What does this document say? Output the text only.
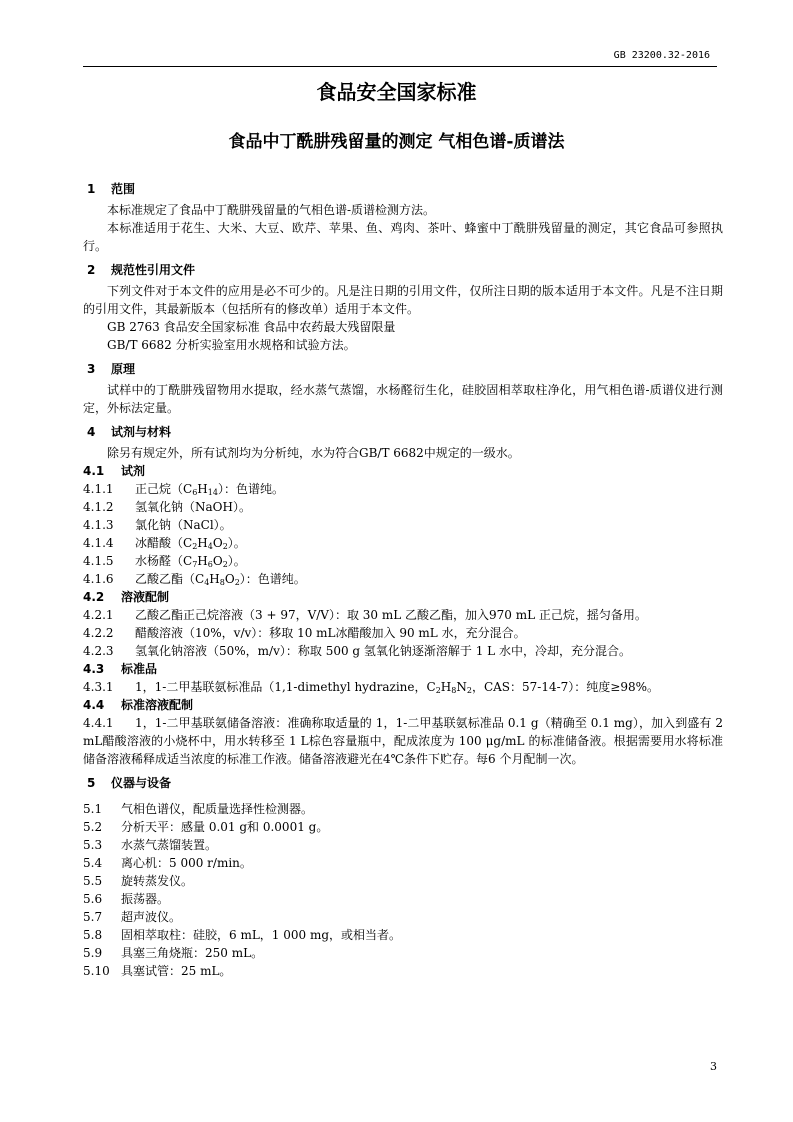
GB 23200.32-2016
食品安全国家标准
食品中丁酰肼残留量的测定 气相色谱-质谱法
1 范围

本标准规定了食品中丁酰肼残留量的气相色谱-质谱检测方法。

本标准适用于花生、大米、大豆、欧芹、苹果、鱼、鸡肉、茶叶、蜂蜜中丁酰肼残留量的测定，其它食品可参照执行。

2 规范性引用文件

下列文件对于本文件的应用是必不可少的。凡是注日期的引用文件，仅所注日期的版本适用于本文件。凡是不注日期的引用文件，其最新版本（包括所有的修改单）适用于本文件。

GB 2763 食品安全国家标准 食品中农药最大残留限量

GB/T 6682 分析实验室用水规格和试验方法。

3 原理

试样中的丁酰肼残留物用水提取，经水蒸气蒸馏，水杨醛衍生化，硅胶固相萃取柱净化，用气相色谱-质谱仪进行测定，外标法定量。

4 试剂与材料

除另有规定外，所有试剂均为分析纯，水为符合GB/T 6682中规定的一级水。

4.1 试剂

4.1.1 正己烷$(C_6H_{14})$：色谱纯。

4.1.2 氢氧化钠（NaOH）。

4.1.3 氯化钠（NaCl）。

4.1.4 冰醋酸$(C_2H_4O_2)$。

4.1.5 水杨醛$(C_7H_6O_2)$。

4.1.6 乙酸乙酯$(C_4H_8O_2)$：色谱纯。

4.2 溶液配制

4.2.1 乙酸乙酯正己烷溶液（3 + 97，V/V）：取 30 mL 乙酸乙酯，加入970 mL 正己烷，摇匀备用。

4.2.2 醋酸溶液（10%，v/v）：移取 10 mL冰醋酸加入 90 mL 水，充分混合。

4.2.3 氢氧化钠溶液（50%，m/v）：称取 500 g 氢氧化钠逐渐溶解于 1 L 水中，冷却，充分混合。

4.3 标准品

4.3.1 1，1-二甲基联氨标准品（1,1-dimethyl hydrazine，$C_2H_8N_2$，CAS：57-14-7）：纯度≥98%。

4.4 标准溶液配制

4.4.1 1，1-二甲基联氨储备溶液：准确称取适量的 1，1-二甲基联氨标准品 0.1 g（精确至 0.1 mg），加入到盛有 2 mL醋酸溶液的小烧杯中，用水转移至 1 L棕色容量瓶中，配成浓度为 100 μg/mL 的标准储备液。根据需要用水将标准储备溶液稀释成适当浓度的标准工作液。储备溶液避光在4℃条件下贮存。每6 个月配制一次。

5 仪器与设备

5.1 气相色谱仪，配质量选择性检测器。

5.2 分析天平：感量 0.01 g和 0.0001 g。

5.3 水蒸气蒸馏装置。

5.4 离心机：5 000 r/min。

5.5 旋转蒸发仪。

5.6 振荡器。

5.7 超声波仪。

5.8 固相萃取柱：硅胶，6 mL，1 000 mg，或相当者。

5.9 具塞三角烧瓶：250 mL。

5.10 具塞试管：25 mL。

3
